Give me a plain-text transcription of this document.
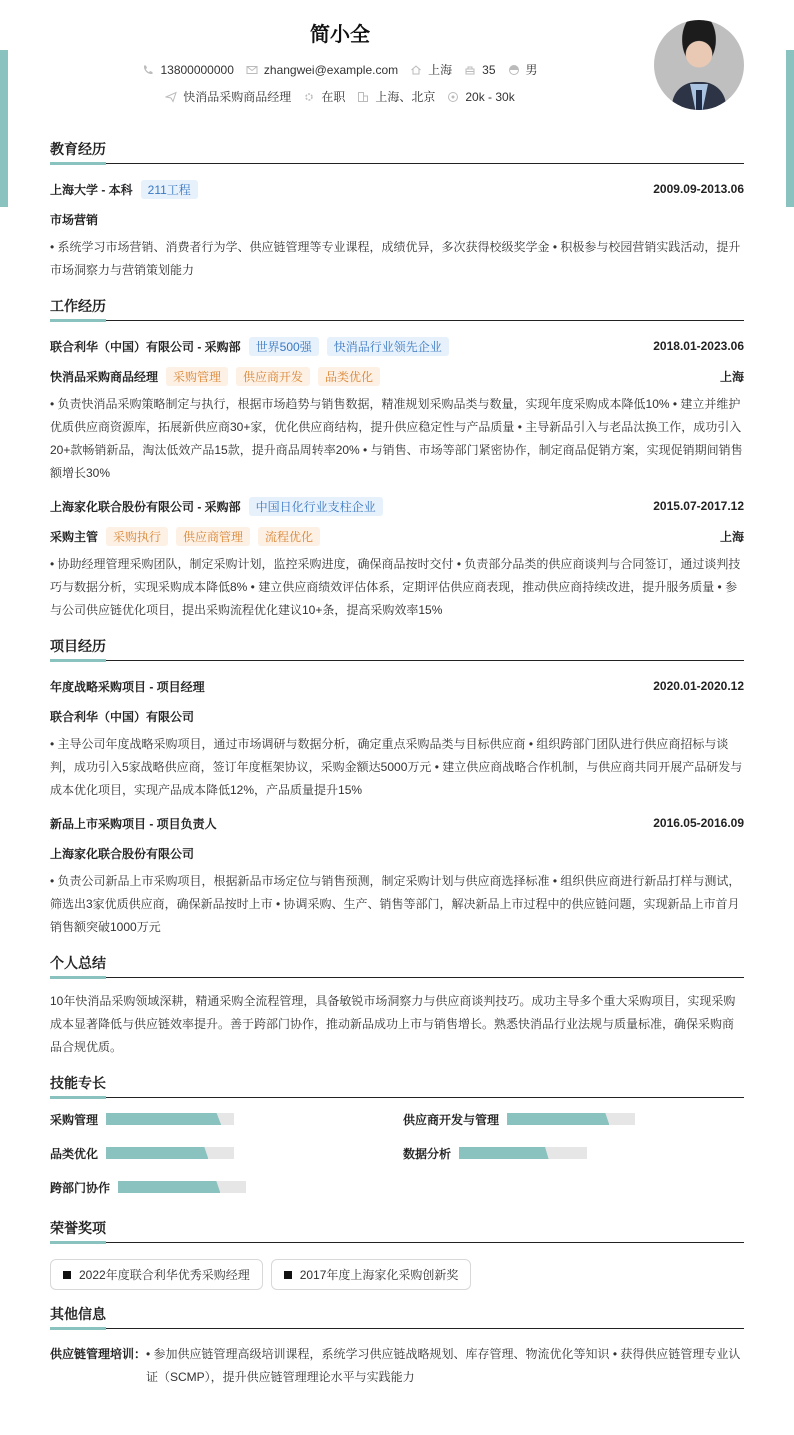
简小全
13800000000	zhangwei@example.com	上海	35	男
快消品采购商品经理	在职	上海、北京	20k - 30k
教育经历
上海大学 - 本科	211工程	2009.09-2013.06
市场营销
• 系统学习市场营销、消费者行为学、供应链管理等专业课程，成绩优异，多次获得校级奖学金 • 积极参与校园营销实践活动，提升市场洞察力与营销策划能力
工作经历
联合利华（中国）有限公司 - 采购部	世界500强	快消品行业领先企业	2018.01-2023.06
快消品采购商品经理	采购管理	供应商开发	品类优化	上海
• 负责快消品采购策略制定与执行，根据市场趋势与销售数据，精准规划采购品类与数量，实现年度采购成本降低10% • 建立并维护优质供应商资源库，拓展新供应商30+家，优化供应商结构，提升供应稳定性与产品质量 • 主导新品引入与老品汰换工作，成功引入20+款畅销新品，淘汰低效产品15款，提升商品周转率20% • 与销售、市场等部门紧密协作，制定商品促销方案，实现促销期间销售额增长30%
上海家化联合股份有限公司 - 采购部	中国日化行业支柱企业	2015.07-2017.12
采购主管	采购执行	供应商管理	流程优化	上海
• 协助经理管理采购团队，制定采购计划，监控采购进度，确保商品按时交付 • 负责部分品类的供应商谈判与合同签订，通过谈判技巧与数据分析，实现采购成本降低8% • 建立供应商绩效评估体系，定期评估供应商表现，推动供应商持续改进，提升服务质量 • 参与公司供应链优化项目，提出采购流程优化建议10+条，提高采购效率15%
项目经历
年度战略采购项目 - 项目经理	2020.01-2020.12
联合利华（中国）有限公司
• 主导公司年度战略采购项目，通过市场调研与数据分析，确定重点采购品类与目标供应商 • 组织跨部门团队进行供应商招标与谈判，成功引入5家战略供应商，签订年度框架协议，采购金额达5000万元 • 建立供应商战略合作机制，与供应商共同开展产品研发与成本优化项目，实现产品成本降低12%，产品质量提升15%
新品上市采购项目 - 项目负责人	2016.05-2016.09
上海家化联合股份有限公司
• 负责公司新品上市采购项目，根据新品市场定位与销售预测，制定采购计划与供应商选择标准 • 组织供应商进行新品打样与测试，筛选出3家优质供应商，确保新品按时上市 • 协调采购、生产、销售等部门，解决新品上市过程中的供应链问题，实现新品上市首月销售额突破1000万元
个人总结
10年快消品采购领域深耕，精通采购全流程管理，具备敏锐市场洞察力与供应商谈判技巧。成功主导多个重大采购项目，实现采购成本显著降低与供应链效率提升。善于跨部门协作，推动新品成功上市与销售增长。熟悉快消品行业法规与质量标准，确保采购商品合规优质。
技能专长
采购管理	供应商开发与管理
品类优化	数据分析
跨部门协作
荣誉奖项
2022年度联合利华优秀采购经理	2017年度上海家化采购创新奖
其他信息
供应链管理培训： • 参加供应链管理高级培训课程，系统学习供应链战略规划、库存管理、物流优化等知识 • 获得供应链管理专业认证（SCMP），提升供应链管理理论水平与实践能力
